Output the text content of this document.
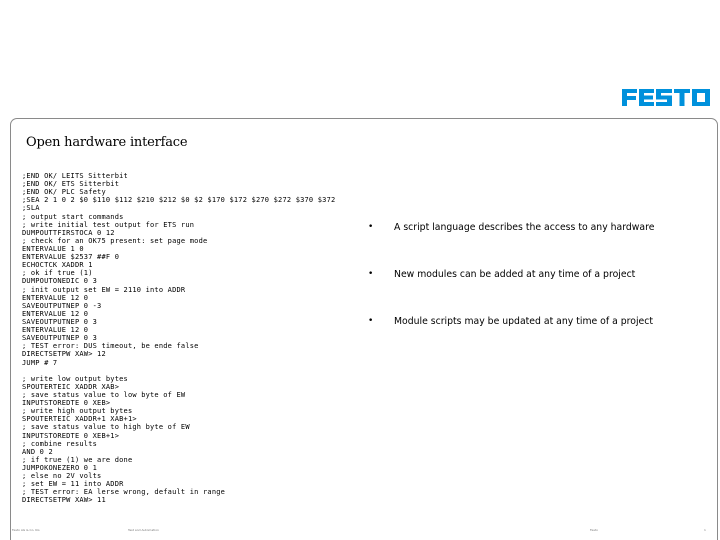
Open hardware interface
;END OK/ LEITS Sitterbit
;END OK/ ETS Sitterbit
;END OK/ PLC Safety
;SEA 2 1 0 2 $0 $110 $112 $210 $212 $0 $2 $170 $172 $270 $272 $370 $372
;SLA
; output start commands
; write initial test output for ETS run
DUMPOUTTFIRSTOCA 0 12
; check for an OK75 present: set page mode
ENTERVALUE 1 0
ENTERVALUE $2537 ##F 0
ECHOCTCK XADDR 1
; ok if true (1)
DUMPOUTONEDIC 0 3
; init output set EW = 2110 into ADDR
ENTERVALUE 12 0
SAVEOUTPUTNEP 0 -3
ENTERVALUE 12 0
SAVEOUTPUTNEP 0 3
ENTERVALUE 12 0
SAVEOUTPUTNEP 0 3
; TEST error: DUS timeout, be ende false
DIRECTSETPW XAW> 12
JUMP # 7
; write low output bytes
SPOUTERTEIC XADDR XAB>
; save status value to low byte of EW
INPUTSTOREDTE 0 XEB>
; write high output bytes
SPOUTERTEIC XADDR+1 XAB+1>
; save status value to high byte of EW
INPUTSTOREDTE 0 XEB+1>
; combine results
AND 0 2
; if true (1) we are done
JUMPOKONEZERO 0 1
; else no 2V volts
; set EW = 11 into ADDR
; TEST error: EA lerse wrong, default in range
DIRECTSETPW XAW> 11
• A script language describes the access to any hardware
• New modules can be added at any time of a project
• Module scripts may be updated at any time of a project
Festo AG & Co. KG	Test and Automation	Festo	1
